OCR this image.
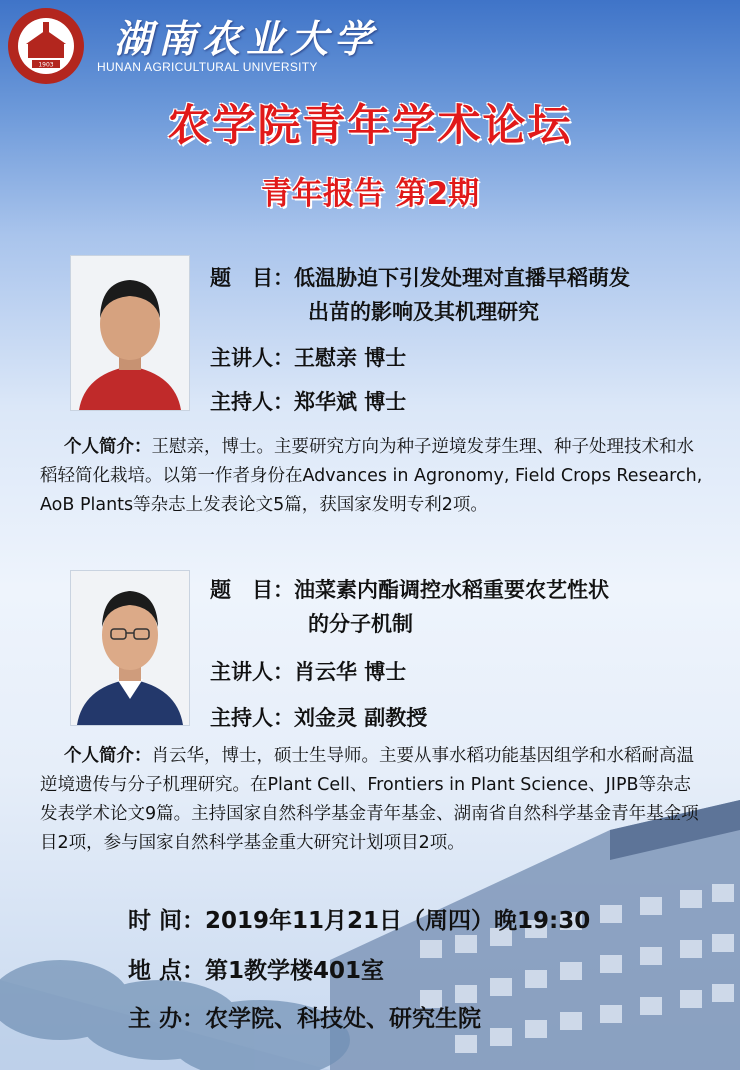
1903
湖南农业大学
HUNAN AGRICULTURAL UNIVERSITY
农学院青年学术论坛
青年报告 第2期
题　目：低温胁迫下引发处理对直播早稻萌发
出苗的影响及其机理研究
主讲人：王慰亲 博士
主持人：郑华斌 博士
个人简介：王慰亲，博士。主要研究方向为种子逆境发芽生理、种子处理技术和水稻轻简化栽培。以第一作者身份在Advances in Agronomy, Field Crops Research, AoB Plants等杂志上发表论文5篇，获国家发明专利2项。
题　目：油菜素内酯调控水稻重要农艺性状
的分子机制
主讲人：肖云华 博士
主持人：刘金灵 副教授
个人简介：肖云华，博士，硕士生导师。主要从事水稻功能基因组学和水稻耐高温逆境遗传与分子机理研究。在Plant Cell、Frontiers in Plant Science、JIPB等杂志发表学术论文9篇。主持国家自然科学基金青年基金、湖南省自然科学基金青年基金项目2项，参与国家自然科学基金重大研究计划项目2项。
时 间：2019年11月21日（周四）晚19:30
地 点：第1教学楼401室
主 办：农学院、科技处、研究生院
